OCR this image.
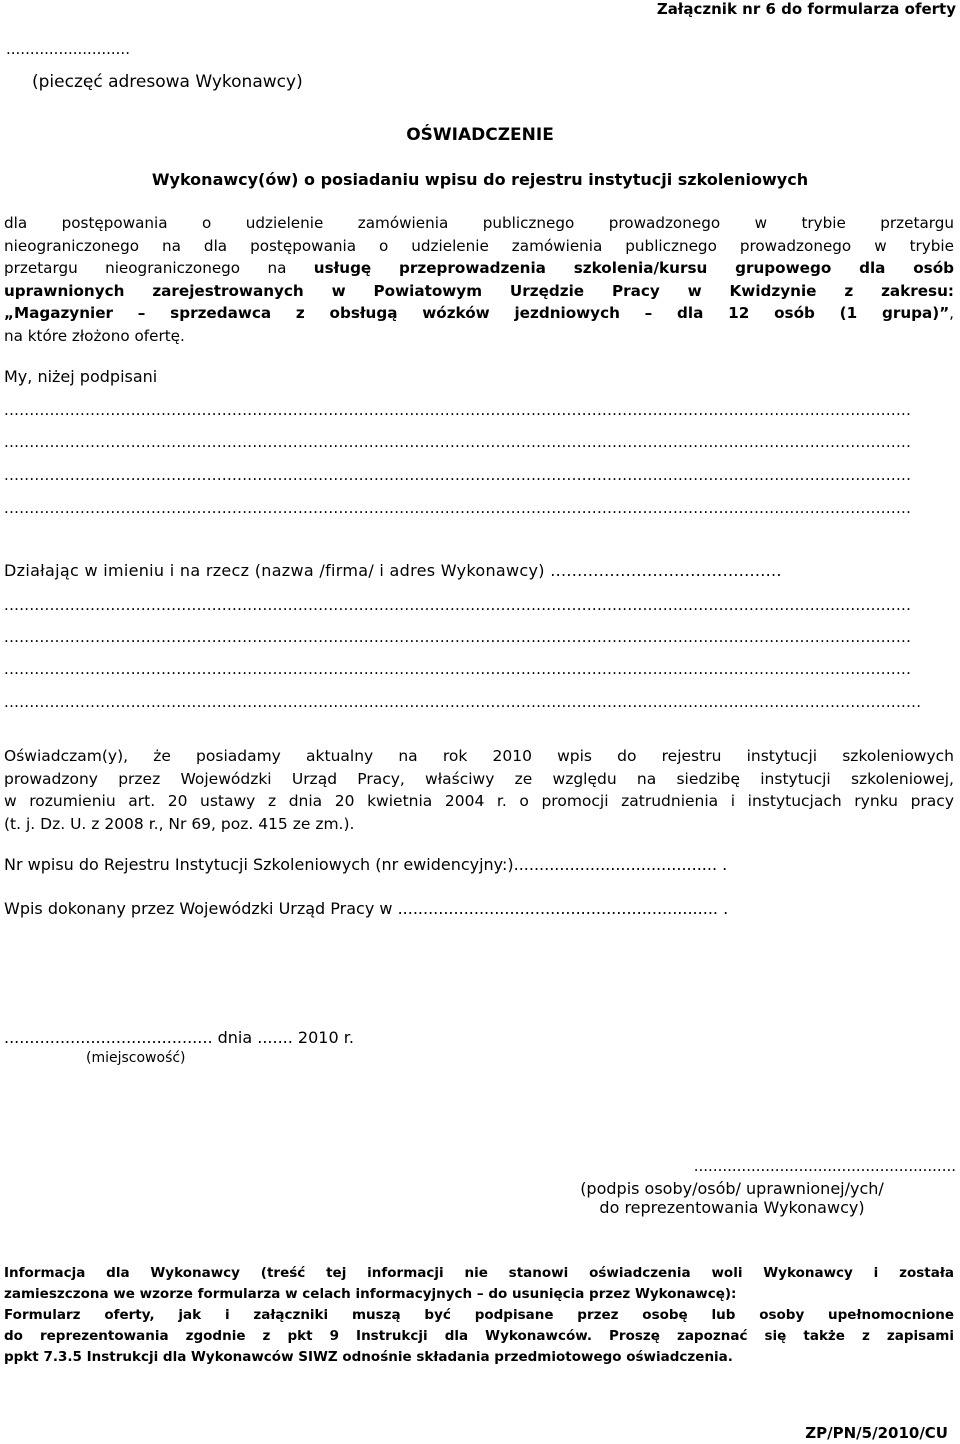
Załącznik nr 6 do formularza oferty
..........................
(pieczęć adresowa Wykonawcy)
OŚWIADCZENIE
Wykonawcy(ów) o posiadaniu wpisu do rejestru instytucji szkoleniowych
dla postępowania o udzielenie zamówienia publicznego prowadzonego w trybie przetargu
nieograniczonego na dla postępowania o udzielenie zamówienia publicznego prowadzonego w trybie
przetargu nieograniczonego na usługę przeprowadzenia szkolenia/kursu grupowego dla osób
uprawnionych zarejestrowanych w Powiatowym Urzędzie Pracy w Kwidzynie z zakresu:
„Magazynier – sprzedawca z obsługą wózków jezdniowych – dla 12 osób (1 grupa)”,
na które złożono ofertę.
My, niżej podpisani
...................................................................................................................................................................................
...................................................................................................................................................................................
...................................................................................................................................................................................
...................................................................................................................................................................................
Działając w imieniu i na rzecz (nazwa /firma/ i adres Wykonawcy) ...........................................
...................................................................................................................................................................................
...................................................................................................................................................................................
...................................................................................................................................................................................
.....................................................................................................................................................................................
Oświadczam(y), że posiadamy aktualny na rok 2010 wpis do rejestru instytucji szkoleniowych
prowadzony przez Wojewódzki Urząd Pracy, właściwy ze względu na siedzibę instytucji szkoleniowej,
w rozumieniu art. 20 ustawy z dnia 20 kwietnia 2004 r. o promocji zatrudnienia i instytucjach rynku pracy
(t. j. Dz. U. z 2008 r., Nr 69, poz. 415 ze zm.).
Nr wpisu do Rejestru Instytucji Szkoleniowych (nr ewidencyjny:)........................................ .
Wpis dokonany przez Wojewódzki Urząd Pracy w ............................................................... .
......................................... dnia ....... 2010 r.
(miejscowość)
.......................................................
(podpis osoby/osób/ uprawnionej/ych/
do reprezentowania Wykonawcy)
Informacja dla Wykonawcy (treść tej informacji nie stanowi oświadczenia woli Wykonawcy i została
zamieszczona we wzorze formularza w celach informacyjnych – do usunięcia przez Wykonawcę):
Formularz oferty, jak i załączniki muszą być podpisane przez osobę lub osoby upełnomocnione
do reprezentowania zgodnie z pkt 9 Instrukcji dla Wykonawców. Proszę zapoznać się także z zapisami
ppkt 7.3.5 Instrukcji dla Wykonawców SIWZ odnośnie składania przedmiotowego oświadczenia.
ZP/PN/5/2010/CU
